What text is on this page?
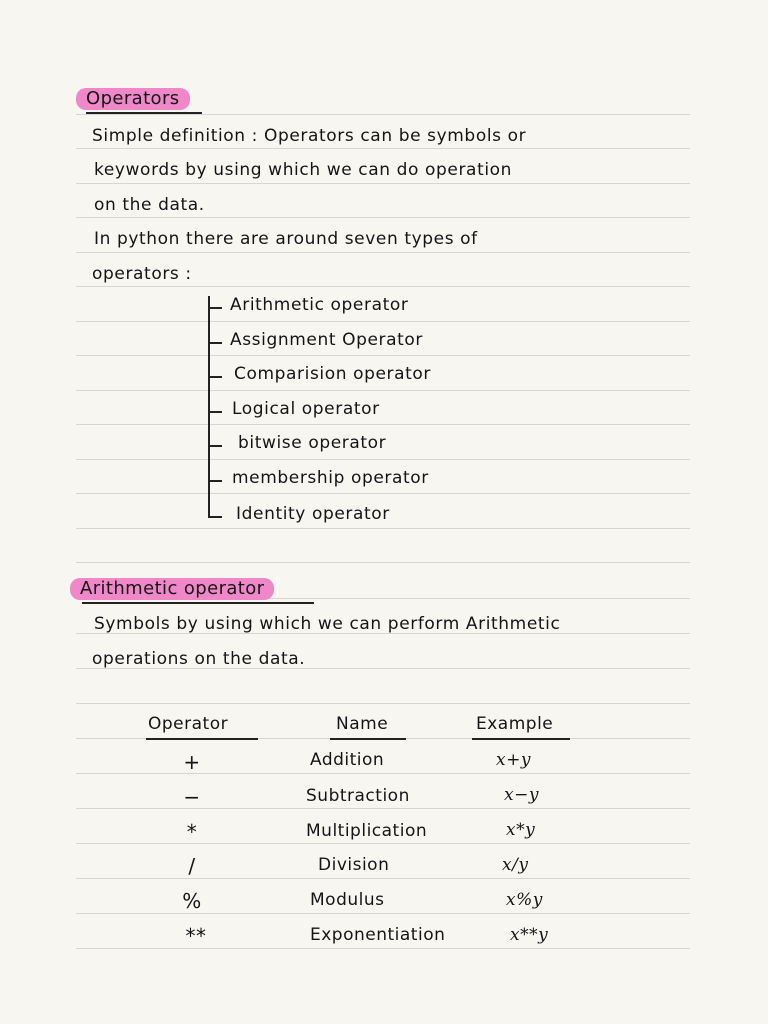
Operators
Simple definition : Operators can be symbols or
keywords by using which we can do operation
on the data.
In python there are around seven types of
operators :
Arithmetic operator
Assignment Operator
Comparision operator
Logical operator
bitwise operator
membership operator
Identity operator
Arithmetic operator
Symbols by using which we can perform Arithmetic
operations on the data.
Operator	Name	Example
+	Addition	x+y
−	Subtraction	x−y
*	Multiplication	x*y
/	Division	x/y
%	Modulus	x%y
**	Exponentiation	x**y
